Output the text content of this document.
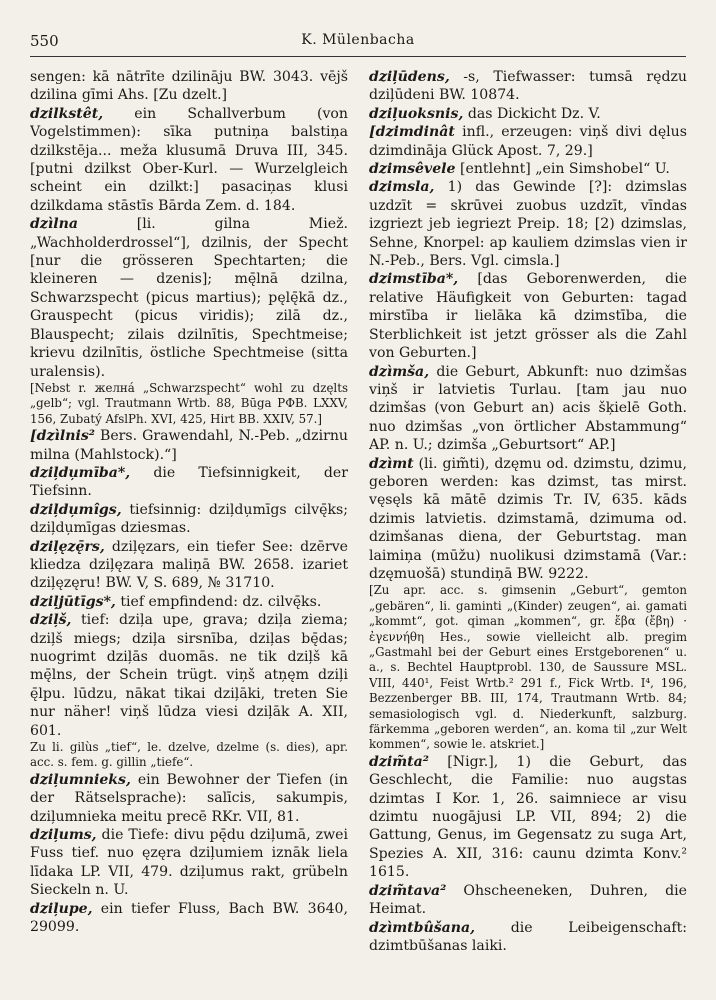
550	K. Mülenbacha

sengen: kā nātrīte dzilināju BW. 3043. vējš dzilina gīmi Ahs. [Zu dzelt.]

dzilkstêt, ein Schallverbum (von Vogelstimmen): sīka putniņa balstiņa dzilkstēja... meža klusumā Druva III, 345. [putni dzilkst Ober-Kurl. — Wurzelgleich scheint ein dzilkt:] pasaciņas klusi dzilkdama stāstīs Bārda Zem. d. 184.

dzìlna [li. gilna Miež. „Wachholderdrossel“], dzilnis, der Specht [nur die grösseren Spechtarten; die kleineren — dzenis]; mę̄lnā dzilna, Schwarzspecht (picus martius); pęlę̄kā dz., Grauspecht (picus viridis); zilā dz., Blauspecht; zilais dzilnītis, Spechtmeise; krievu dzilnītis, östliche Spechtmeise (sitta uralensis).

[Nebst r. желнá „Schwarzspecht“ wohl zu dzęlts „gelb“; vgl. Trautmann Wrtb. 88, Būga РФВ. LXXV, 156, Zubatý AfslPh. XVI, 425, Hirt BB. XXIV, 57.]

[dzìlnis² Bers. Grawendahl, N.-Peb. „dzirnu milna (Mahlstock).“]

dziļdu̦mība*, die Tiefsinnigkeit, der Tiefsinn.

dziļdu̦mîgs, tiefsinnig: dziļdu̦mīgs cilvę̄ks; dziļdu̦mīgas dziesmas.

dziļęzę̄rs, dziļęzars, ein tiefer See: dzērve kliedza dziļęzara maliņā BW. 2658. izariet dziļęzęru! BW. V, S. 689, № 31710.

dziļjūtīgs*, tief empfindend: dz. cilvę̄ks.

dziļš, tief: dziļa upe, grava; dziļa ziema; dziļš miegs; dziļa sirsnība, dziļas bę̄das; nuogrimt dziļās duomās. ne tik dziļš kā mę̄lns, der Schein trügt. viņš atņęm dziļi ę̄lpu. lūdzu, nākat tikai dziļāki, treten Sie nur näher! viņš lūdza viesi dziļāk A. XII, 601.

Zu li. gilùs „tief“, le. dzelve, dzelme (s. dies), apr. acc. s. fem. g. gillin „tiefe“.

dziļumnieks, ein Bewohner der Tiefen (in der Rätselsprache): salīcis, sakumpis, dziļumnieka meitu precē RKr. VII, 81.

dziļums, die Tiefe: divu pę̄du dziļumā, zwei Fuss tief. nuo ęzęra dziļumiem iznāk liela līdaka LP. VII, 479. dziļumus rakt, grübeln Sieckeln n. U.

dziļupe, ein tiefer Fluss, Bach BW. 3640, 29099.

dziļūdens, -s, Tiefwasser: tumsā rędzu dziļūdeni BW. 10874.

dziļuoksnis, das Dickicht Dz. V.

[dzimdinât infl., erzeugen: viņš divi dęlus dzimdināja Glück Apost. 7, 29.]

dzimsêvele [entlehnt] „ein Simshobel“ U.

dzimsla, 1) das Gewinde [?]: dzimslas uzdzīt = skrūvei zuobus uzdzīt, vīndas izgriezt jeb iegriezt Preip. 18; [2) dzimslas, Sehne, Knorpel: ap kauliem dzimslas vien ir N.-Peb., Bers. Vgl. cimsla.]

dzimstība*, [das Geborenwerden, die relative Häufigkeit von Geburten: tagad mirstība ir lielāka kā dzimstība, die Sterblichkeit ist jetzt grösser als die Zahl von Geburten.]

dzìmša, die Geburt, Abkunft: nuo dzimšas viņš ir latvietis Turlau. [tam jau nuo dzimšas (von Geburt an) acis šķielē Goth. nuo dzimšas „von örtlicher Abstammung“ AP. n. U.; dzimša „Geburtsort“ AP.]

dzìmt (li. gim̃ti), dzęmu od. dzimstu, dzimu, geboren werden: kas dzimst, tas mirst. vęsęls kā mātē dzimis Tr. IV, 635. kāds dzimis latvietis. dzimstamā, dzimuma od. dzimšanas diena, der Geburtstag. man laimiņa (mūžu) nuolikusi dzimstamā (Var.: dzęmuošā) stundiņā BW. 9222.

[Zu apr. acc. s. gimsenin „Geburt“, gemton „gebären“, li. gaminti „(Kinder) zeugen“, ai. gamati „kommt“, got. qiman „kommen“, gr. ἔβα (ἔβη) · ἐγεννήθη Hes., sowie vielleicht alb. pregim „Gastmahl bei der Geburt eines Erstgeborenen“ u. a., s. Bechtel Hauptprobl. 130, de Saussure MSL. VIII, 440¹, Feist Wrtb.² 291 f., Fick Wrtb. I⁴, 196, Bezzenberger BB. III, 174, Trautmann Wrtb. 84; semasiologisch vgl. d. Niederkunft, salzburg. färkemma „geboren werden“, an. koma til „zur Welt kommen“, sowie le. atskriet.]

dzim̃ta² [Nigr.], 1) die Geburt, das Geschlecht, die Familie: nuo augstas dzimtas I Kor. 1, 26. saimniece ar visu dzimtu nuogājusi LP. VII, 894; 2) die Gattung, Genus, im Gegensatz zu suga Art, Spezies A. XII, 316: caunu dzimta Konv.² 1615.

dzim̃tava² Ohscheeneken, Duhren, die Heimat.

dzìmtbûšana, die Leibeigenschaft: dzimtbūšanas laiki.
